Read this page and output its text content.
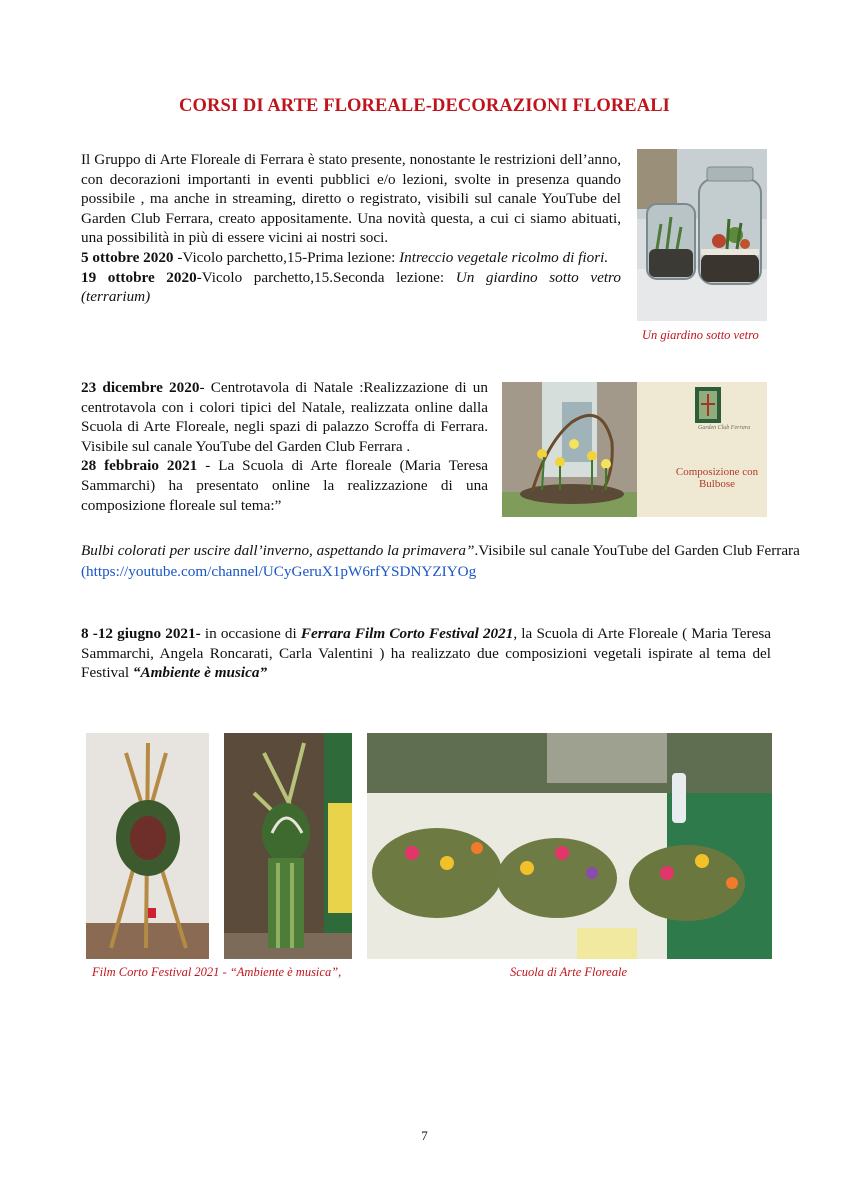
CORSI DI ARTE FLOREALE-DECORAZIONI FLOREALI
Il Gruppo di Arte Floreale di Ferrara è stato presente, nonostante le restrizioni dell’anno, con decorazioni importanti in eventi pubblici e/o lezioni, svolte in presenza quando possibile , ma anche in streaming, diretto o registrato, visibili sul canale YouTube del Garden Club Ferrara, creato appositamente. Una novità questa, a cui ci siamo abituati, una possibilità in più di essere vicini ai nostri soci.
5 ottobre 2020 -Vicolo parchetto,15-Prima lezione: Intreccio vegetale ricolmo di fiori.
19 ottobre 2020-Vicolo parchetto,15.Seconda lezione: Un giardino sotto vetro (terrarium)
Un giardino sotto vetro
23 dicembre 2020- Centrotavola di Natale :Realizzazione di un centrotavola con i colori tipici del Natale, realizzata online dalla Scuola di Arte Floreale, negli spazi di palazzo Scroffa di Ferrara. Visibile sul canale YouTube del Garden Club Ferrara .
28 febbraio 2021 - La Scuola di Arte floreale (Maria Teresa Sammarchi) ha presentato online la realizzazione di una composizione floreale sul tema:”
Bulbi colorati per uscire dall’inverno, aspettando la primavera”.Visibile sul canale YouTube del Garden Club Ferrara
(https://youtube.com/channel/UCyGeruX1pW6rfYSDNYZIYOg
Garden Club Ferrara
Composizione con Bulbose
8 -12 giugno 2021- in occasione di Ferrara Film Corto Festival 2021, la Scuola di Arte Floreale ( Maria Teresa Sammarchi, Angela Roncarati, Carla Valentini ) ha realizzato due composizioni vegetali ispirate al tema del Festival “Ambiente è musica”
Film Corto Festival 2021 - “Ambiente è musica”,	Scuola di Arte Floreale
7
